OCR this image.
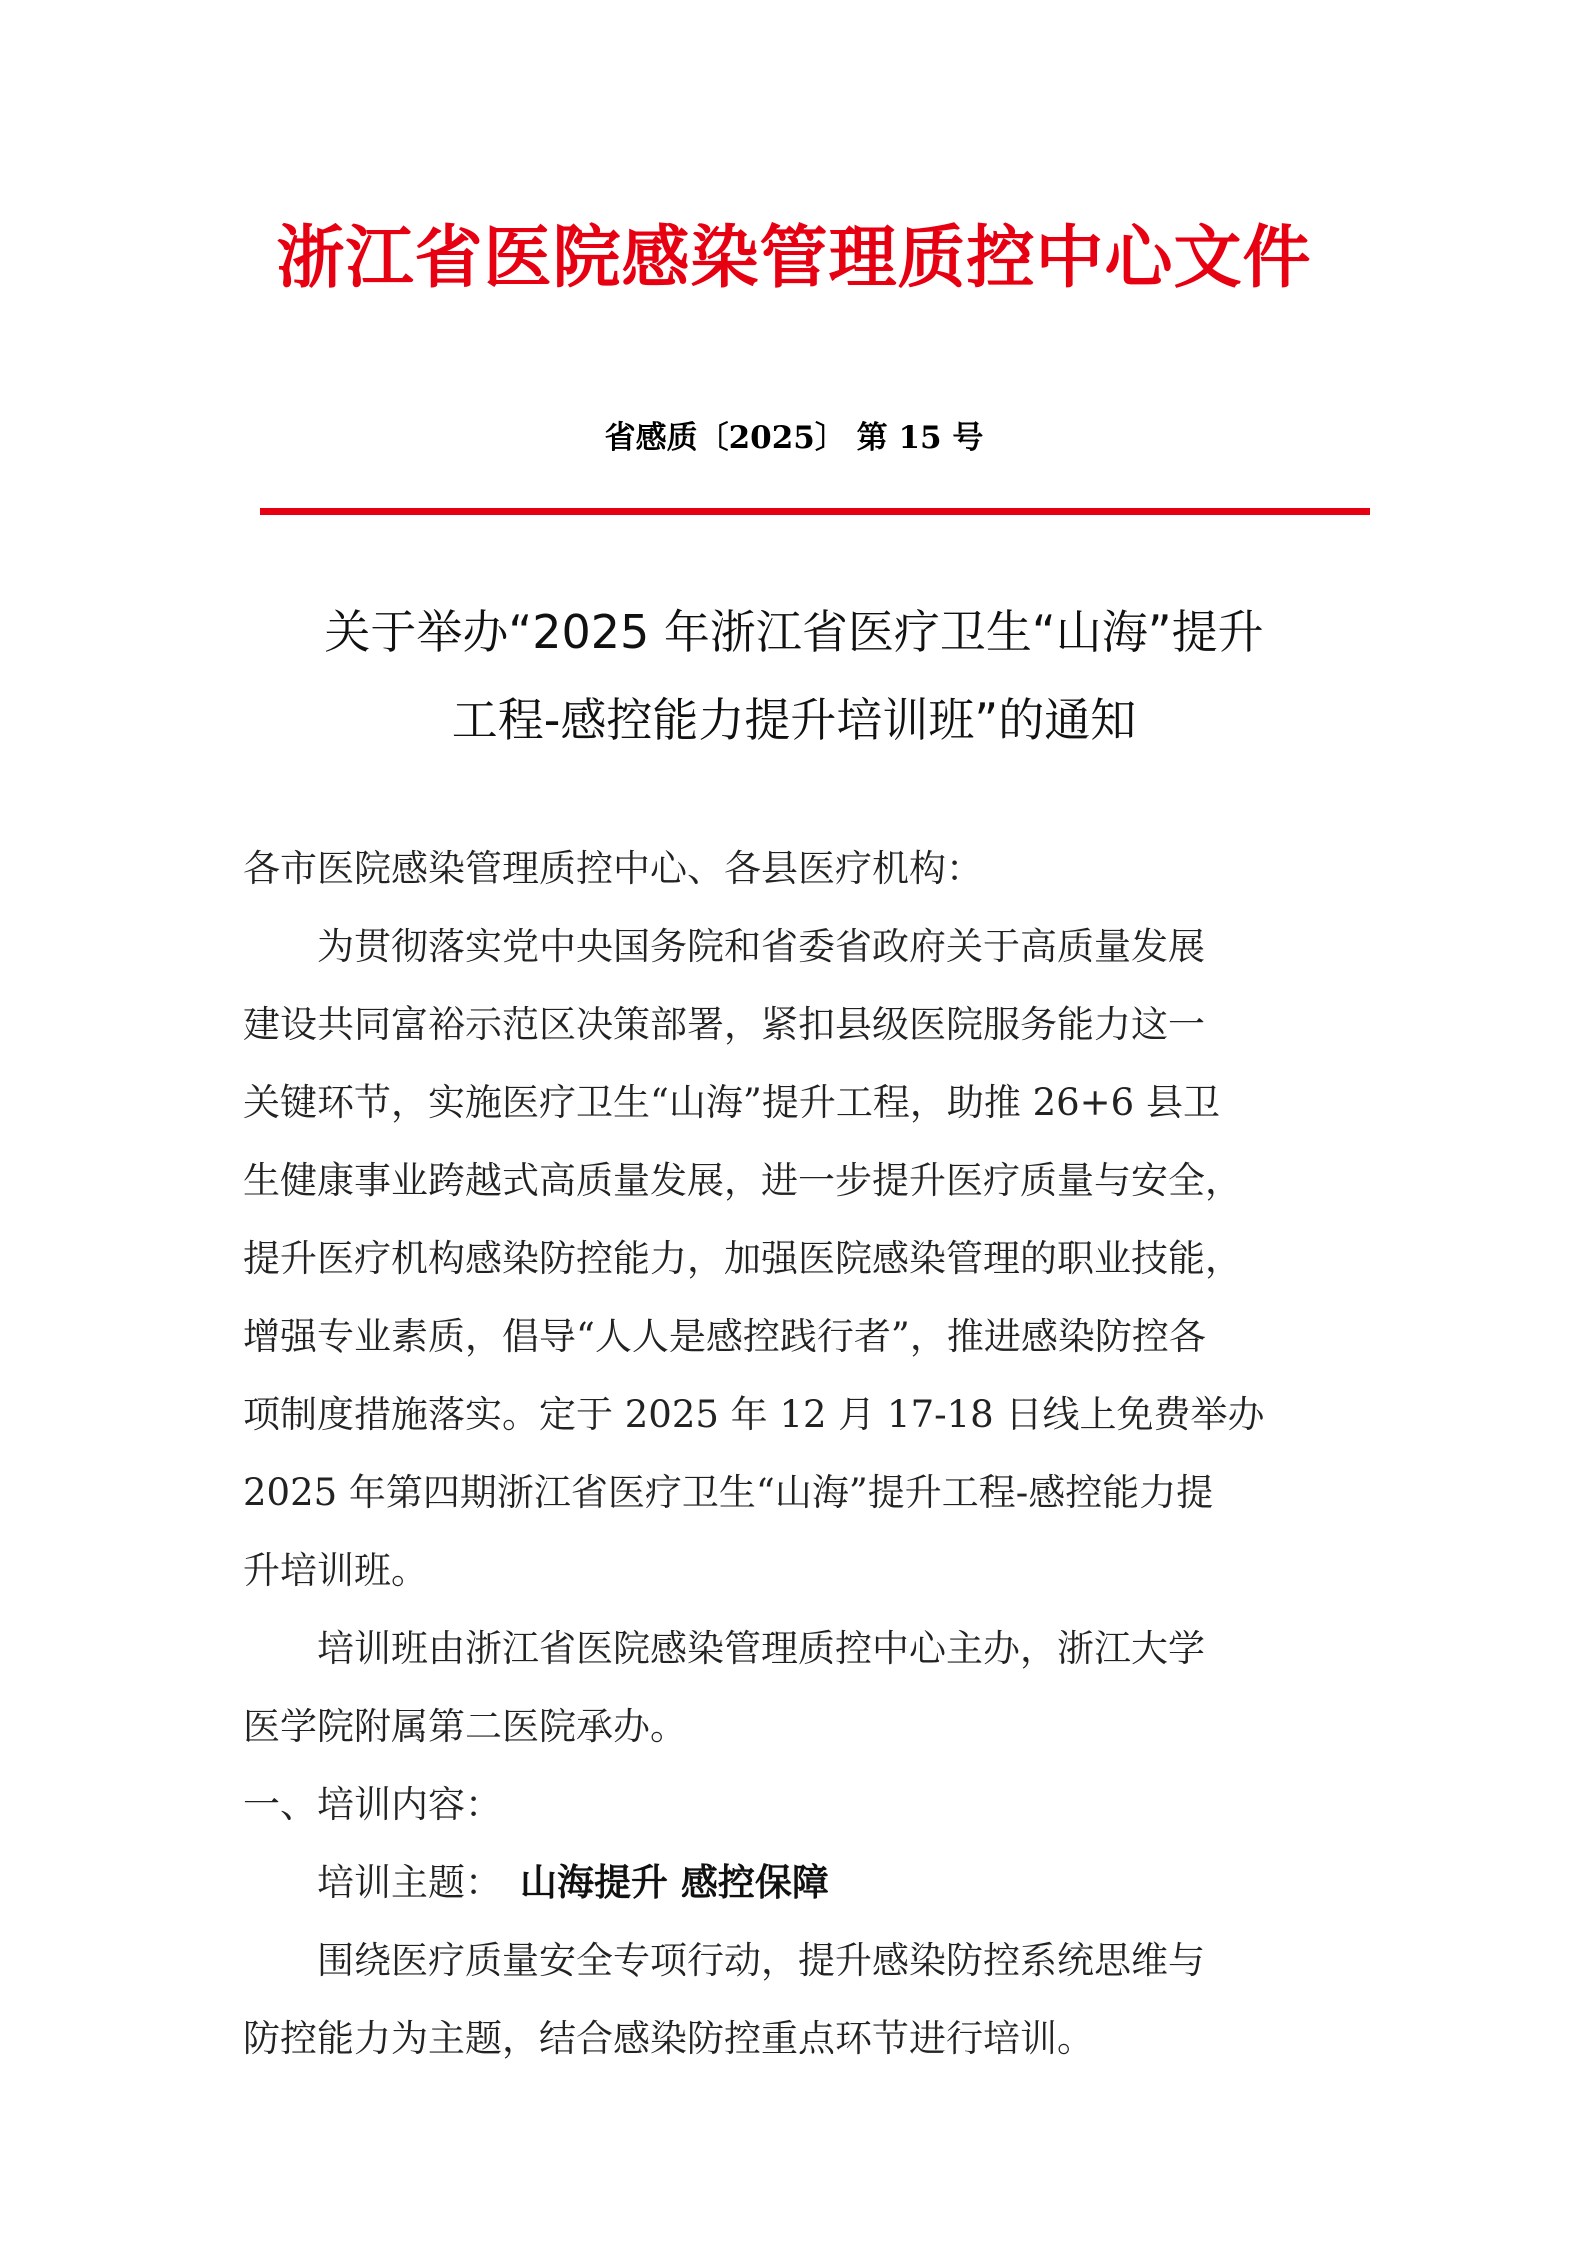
浙江省医院感染管理质控中心文件
省感质〔2025〕 第 15 号
关于举办“2025 年浙江省医疗卫生“山海”提升
工程-感控能力提升培训班”的通知

各市医院感染管理质控中心、各县医疗机构：

为贯彻落实党中央国务院和省委省政府关于高质量发展
建设共同富裕示范区决策部署，紧扣县级医院服务能力这一
关键环节，实施医疗卫生“山海”提升工程，助推 26+6 县卫
生健康事业跨越式高质量发展，进一步提升医疗质量与安全，
提升医疗机构感染防控能力，加强医院感染管理的职业技能，
增强专业素质，倡导“人人是感控践行者”，推进感染防控各
项制度措施落实。定于 2025 年 12 月 17-18 日线上免费举办
2025 年第四期浙江省医疗卫生“山海”提升工程-感控能力提
升培训班。
培训班由浙江省医院感染管理质控中心主办，浙江大学
医学院附属第二医院承办。

一、培训内容：

培训主题： 山海提升 感控保障

围绕医疗质量安全专项行动，提升感染防控系统思维与
防控能力为主题，结合感染防控重点环节进行培训。
